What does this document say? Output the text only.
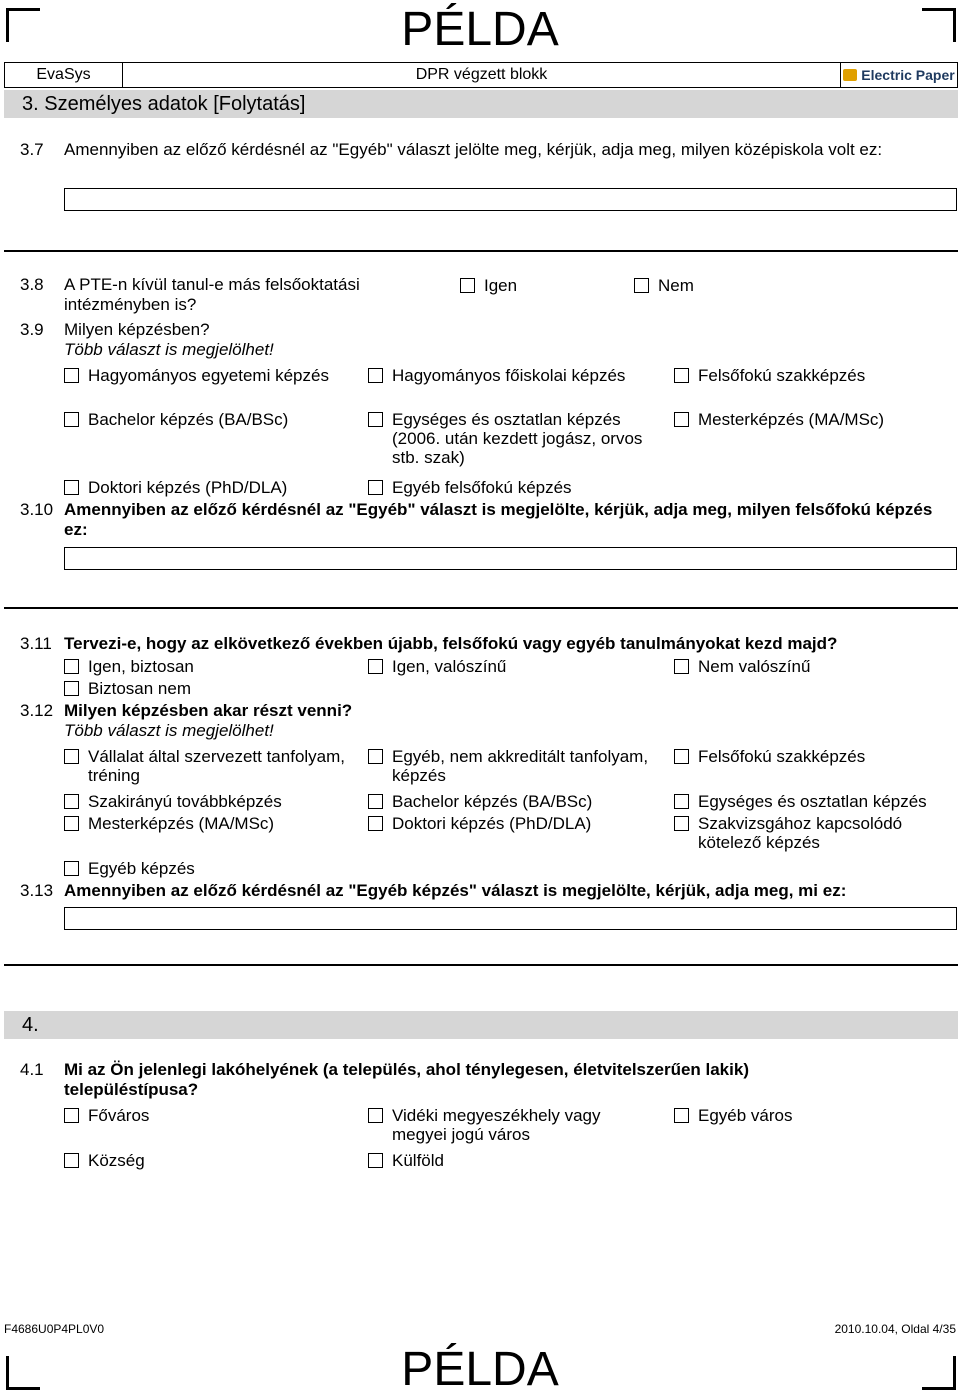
PÉLDA
EvaSys	DPR végzett blokk	Electric Paper
3. Személyes adatok [Folytatás]
3.7 Amennyiben az előző kérdésnél az "Egyéb" választ jelölte meg, kérjük, adja meg, milyen középiskola volt ez:
3.8 A PTE-n kívül tanul-e más felsőoktatási intézményben is?
Igen	Nem
3.9 Milyen képzésben?
Több választ is megjelölhet!
Hagyományos egyetemi képzés	Hagyományos főiskolai képzés	Felsőfokú szakképzés
Bachelor képzés (BA/BSc)	Egységes és osztatlan képzés (2006. után kezdett jogász, orvos stb. szak)
Mesterképzés (MA/MSc)
Doktori képzés (PhD/DLA)	Egyéb felsőfokú képzés
3.10 Amennyiben az előző kérdésnél az "Egyéb" választ is megjelölte, kérjük, adja meg, milyen felsőfokú képzés ez:
3.11 Tervezi-e, hogy az elkövetkező években újabb, felsőfokú vagy egyéb tanulmányokat kezd majd?
Igen, biztosan	Igen, valószínű	Nem valószínű
Biztosan nem
3.12 Milyen képzésben akar részt venni?
Több választ is megjelölhet!
Vállalat által szervezett tanfolyam, tréning
Egyéb, nem akkreditált tanfolyam, képzés
Felsőfokú szakképzés
Szakirányú továbbképzés	Bachelor képzés (BA/BSc)	Egységes és osztatlan képzés
Mesterképzés (MA/MSc)	Doktori képzés (PhD/DLA)	Szakvizsgához kapcsolódó kötelező képzés
Egyéb képzés
3.13 Amennyiben az előző kérdésnél az "Egyéb képzés" választ is megjelölte, kérjük, adja meg, mi ez:
4.
4.1 Mi az Ön jelenlegi lakóhelyének (a település, ahol ténylegesen, életvitelszerűen lakik) településtípusa?
Főváros	Vidéki megyeszékhely vagy megyei jogú város
Egyéb város
Község	Külföld
F4686U0P4PL0V0	2010.10.04, Oldal 4/35
PÉLDA
